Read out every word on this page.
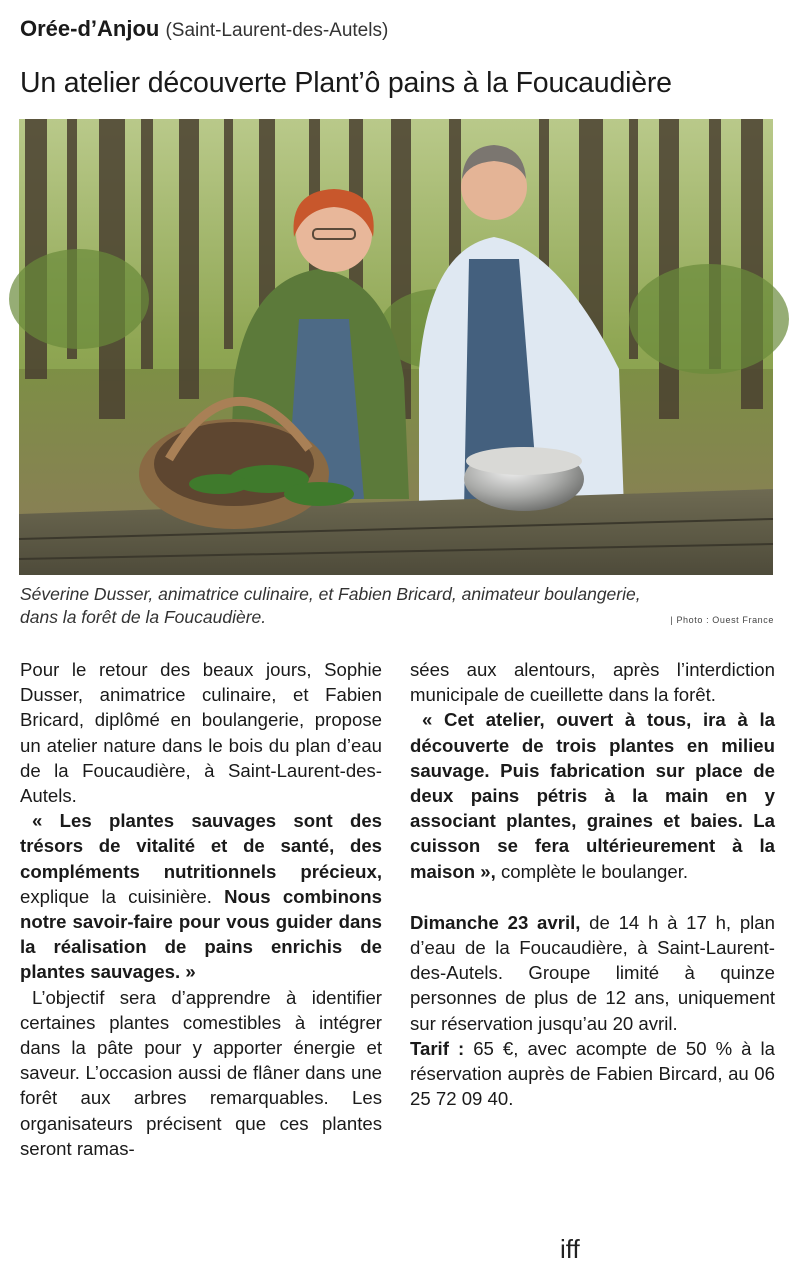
Orée-d’Anjou (Saint-Laurent-des-Autels)
Un atelier découverte Plant’ô pains à la Foucaudière
Séverine Dusser, animatrice culinaire, et Fabien Bricard, animateur boulangerie,
dans la forêt de la Foucaudière.	| Photo : Ouest France

Pour le retour des beaux jours, Sophie Dusser, animatrice culinaire, et Fabien Bricard, diplômé en boulangerie, propose un atelier nature dans le bois du plan d’eau de la Foucaudière, à Saint-Laurent-des-Autels.

« Les plantes sauvages sont des trésors de vitalité et de santé, des compléments nutritionnels précieux, explique la cuisinière. Nous combinons notre savoir-faire pour vous guider dans la réalisation de pains enrichis de plantes sauvages. »

L’objectif sera d’apprendre à identifier certaines plantes comestibles à intégrer dans la pâte pour y apporter énergie et saveur. L’occasion aussi de flâner dans une forêt aux arbres remarquables. Les organisateurs précisent que ces plantes seront ramas-

sées aux alentours, après l’interdiction municipale de cueillette dans la forêt.

« Cet atelier, ouvert à tous, ira à la découverte de trois plantes en milieu sauvage. Puis fabrication sur place de deux pains pétris à la main en y associant plantes, graines et baies. La cuisson se fera ultérieurement à la maison », complète le boulanger.

Dimanche 23 avril, de 14 h à 17 h, plan d’eau de la Foucaudière, à Saint-Laurent-des-Autels. Groupe limité à quinze personnes de plus de 12 ans, uniquement sur réservation jusqu’au 20 avril.

Tarif : 65 €, avec acompte de 50 % à la réservation auprès de Fabien Bircard, au 06 25 72 09 40.

iff
